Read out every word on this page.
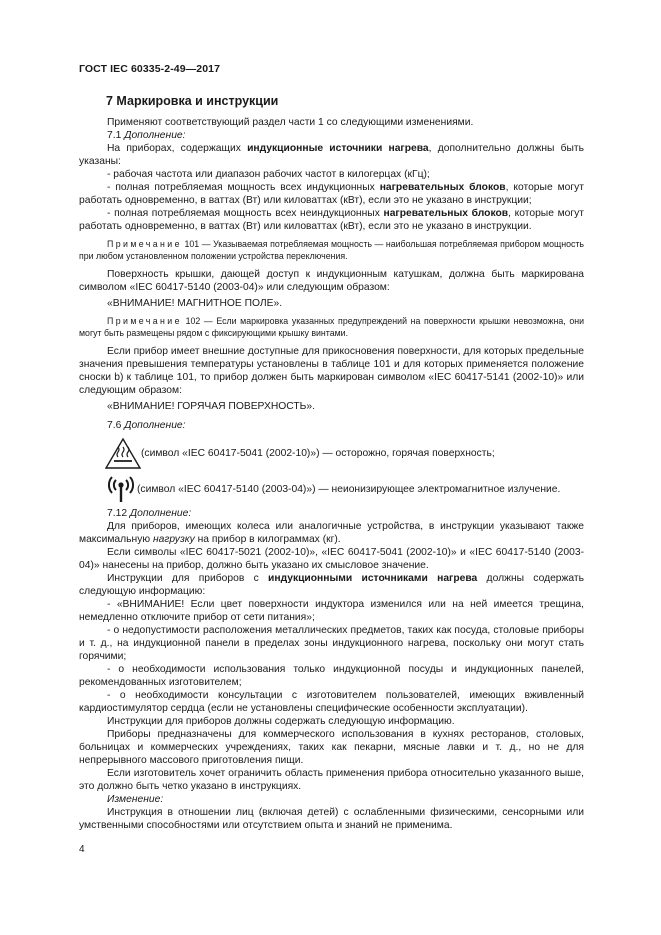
ГОСТ IEC 60335-2-49—2017
7 Маркировка и инструкции

Применяют соответствующий раздел части 1 со следующими изменениями.

7.1 Дополнение:

На приборах, содержащих индукционные источники нагрева, дополнительно должны быть указаны:

- рабочая частота или диапазон рабочих частот в килогерцах (кГц);

- полная потребляемая мощность всех индукционных нагревательных блоков, которые могут работать одновременно, в ваттах (Вт) или киловаттах (кВт), если это не указано в инструкции;

- полная потребляемая мощность всех неиндукционных нагревательных блоков, которые могут работать одновременно, в ваттах (Вт) или киловаттах (кВт), если это не указано в инструкции.

Примечание 101 — Указываемая потребляемая мощность — наибольшая потребляемая прибором мощность при любом установленном положении устройства переключения.

Поверхность крышки, дающей доступ к индукционным катушкам, должна быть маркирована символом «IEC 60417-5140 (2003-04)» или следующим образом:

«ВНИМАНИЕ! МАГНИТНОЕ ПОЛЕ».

Примечание 102 — Если маркировка указанных предупреждений на поверхности крышки невозможна, они могут быть размещены рядом с фиксирующими крышку винтами.

Если прибор имеет внешние доступные для прикосновения поверхности, для которых предельные значения превышения температуры установлены в таблице 101 и для которых применяется положение сноски b) к таблице 101, то прибор должен быть маркирован символом «IEC 60417-5141 (2002-10)» или следующим образом:

«ВНИМАНИЕ! ГОРЯЧАЯ ПОВЕРХНОСТЬ».

7.6 Дополнение:

(символ «IEC 60417-5041 (2002-10)») — осторожно, горячая поверхность;

(символ «IEC 60417-5140 (2003-04)») — неионизирующее электромагнитное излучение.

7.12 Дополнение:

Для приборов, имеющих колеса или аналогичные устройства, в инструкции указывают также максимальную нагрузку на прибор в килограммах (кг).

Если символы «IEC 60417-5021 (2002-10)», «IEC 60417-5041 (2002-10)» и «IEC 60417-5140 (2003-04)» нанесены на прибор, должно быть указано их смысловое значение.

Инструкции для приборов с индукционными источниками нагрева должны содержать следующую информацию:

- «ВНИМАНИЕ! Если цвет поверхности индуктора изменился или на ней имеется трещина, немедленно отключите прибор от сети питания»;

- о недопустимости расположения металлических предметов, таких как посуда, столовые приборы и т. д., на индукционной панели в пределах зоны индукционного нагрева, поскольку они могут стать горячими;

- о необходимости использования только индукционной посуды и индукционных панелей, рекомендованных изготовителем;

- о необходимости консультации с изготовителем пользователей, имеющих вживленный кардиостимулятор сердца (если не установлены специфические особенности эксплуатации).

Инструкции для приборов должны содержать следующую информацию.

Приборы предназначены для коммерческого использования в кухнях ресторанов, столовых, больницах и коммерческих учреждениях, таких как пекарни, мясные лавки и т. д., но не для непрерывного массового приготовления пищи.

Если изготовитель хочет ограничить область применения прибора относительно указанного выше, это должно быть четко указано в инструкциях.

Изменение:

Инструкция в отношении лиц (включая детей) с ослабленными физическими, сенсорными или умственными способностями или отсутствием опыта и знаний не применима.

4
